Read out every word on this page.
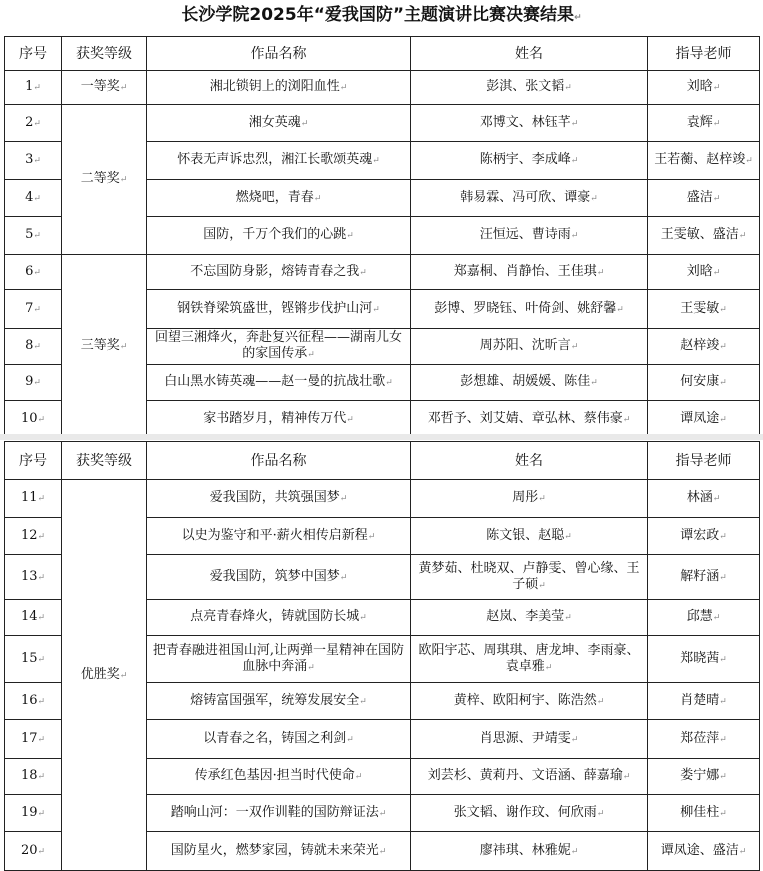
长沙学院2025年“爱我国防”主题演讲比赛决赛结果↵
序号	获奖等级	作品名称	姓名	指导老师
1↵	一等奖↵	湘北锁钥上的浏阳血性↵	彭淇、张文韬↵	刘晗↵
2↵	二等奖↵	湘女英魂↵	邓博文、林钰芊↵	袁辉↵
3↵		怀表无声诉忠烈，湘江长歌颂英魂↵	陈柄宇、李成峰↵	王若蘅、赵梓竣↵
4↵		燃烧吧，青春↵	韩易霖、冯可欣、谭豪↵	盛洁↵
5↵		国防，千万个我们的心跳↵	汪恒远、曹诗雨↵	王雯敏、盛洁↵
6↵	三等奖↵	不忘国防身影，熔铸青春之我↵	郑嘉桐、肖静怡、王佳琪↵	刘晗↵
7↵		钢铁脊梁筑盛世，铿锵步伐护山河↵	彭博、罗晓钰、叶倚剑、姚舒馨↵	王雯敏↵
8↵		回望三湘烽火，奔赴复兴征程——湖南儿女的家国传承↵	周苏阳、沈昕言↵	赵梓竣↵
9↵		白山黑水铸英魂——赵一曼的抗战壮歌↵	彭想雄、胡媛媛、陈佳↵	何安康↵
10↵		家书踏岁月，精神传万代↵	邓哲予、刘艾婧、章弘林、蔡伟豪↵	谭凤途↵
序号	获奖等级	作品名称	姓名	指导老师
11↵	优胜奖↵	爱我国防，共筑强国梦↵	周彤↵	林涵↵
12↵		以史为鉴守和平·薪火相传启新程↵	陈文银、赵聪↵	谭宏政↵
13↵		爱我国防，筑梦中国梦↵	黄梦茹、杜晓双、卢静雯、曾心缘、王子硕↵	解籽涵↵
14↵		点亮青春烽火，铸就国防长城↵	赵岚、李美莹↵	邱慧↵
15↵		把青春融进祖国山河,让两弹一星精神在国防血脉中奔涌↵	欧阳宇芯、周琪琪、唐龙坤、李雨豪、袁卓雅↵	郑晓茜↵
16↵		熔铸富国强军，统筹发展安全↵	黄梓、欧阳柯宇、陈浩然↵	肖楚晴↵
17↵		以青春之名，铸国之利剑↵	肖思源、尹靖雯↵	郑莅萍↵
18↵		传承红色基因·担当时代使命↵	刘芸杉、黄莉丹、文语涵、薛嘉瑜↵	娄宁娜↵
19↵		踏响山河：一双作训鞋的国防辩证法↵	张文韬、谢作玟、何欣雨↵	柳佳柱↵
20↵		国防星火，燃梦家园，铸就未来荣光↵	廖祎琪、林雅妮↵	谭凤途、盛洁↵
